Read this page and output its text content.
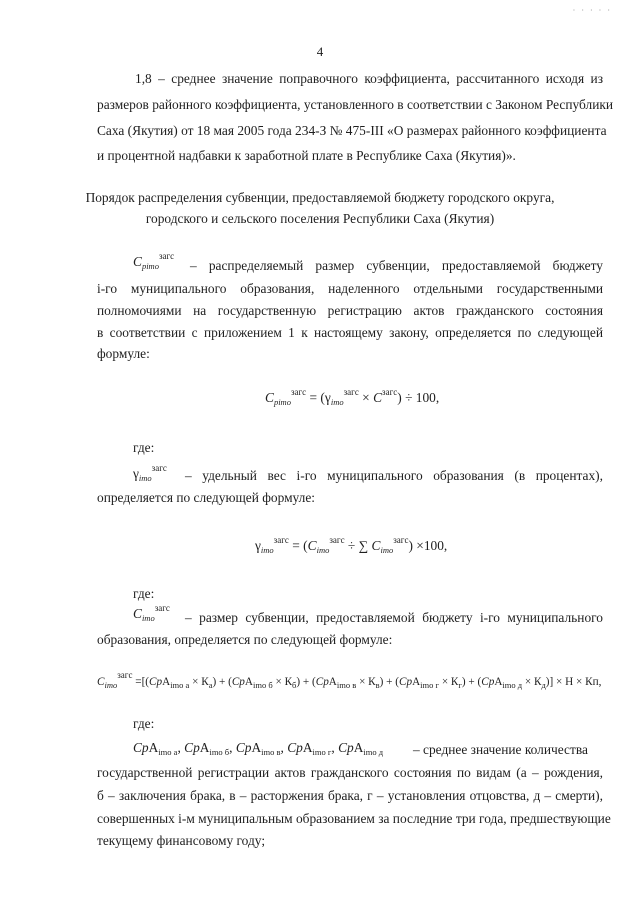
· · · · ·
4
1,8 – среднее значение поправочного коэффициента, рассчитанного исходя из
размеров районного коэффициента, установленного в соответствии с Законом Республики
Саха (Якутия) от 18 мая 2005 года 234-З № 475-III «О размерах районного коэффициента
и процентной надбавки к заработной плате в Республике Саха (Якутия)».
Порядок распределения субвенции, предоставляемой бюджету городского округа,
городского и сельского поселения Республики Саха (Якутия)
$C_{pimo}^{загс}$
– распределяемый размер субвенции, предоставляемой бюджету
i-го муниципального образования, наделенного отдельными государственными
полномочиями на государственную регистрацию актов гражданского состояния
в соответствии с приложением 1 к настоящему закону, определяется по следующей
формуле:
$C_{pimo}^{загс} = (\gamma_{imo}^{загс} \times C^{загс}) \div 100$,
где:
$\gamma_{imo}^{загс}$ – удельный вес i-го муниципального образования (в процентах),
определяется по следующей формуле:
$\gamma_{imo}^{загс} = (C_{imo}^{загс}$ ÷ ∑ $C_{imo}^{загс}) \times 100$,
где:
$C_{imo}^{загс}$
– размер субвенции, предоставляемой бюджету i-го муниципального
образования, определяется по следующей формуле:
$C_{imo}^{загс} =[(СрА_{imo а} \times К_а) + (СрА_{imo б} \times К_б) + (СрА_{imo в} \times К_в) + (СрА_{imo г} \times К_г) + (СрА_{imo д} \times К_д)] \times Н$ × Кп,
где:
СрА$_{imo а}$, СрА$_{imo б}$, СрА$_{imo в}$, СрА$_{imo г}$, СрА$_{imo д}$ – среднее значение количества
государственной регистрации актов гражданского состояния по видам (а – рождения,
б – заключения брака, в – расторжения брака, г – установления отцовства, д – смерти),
совершенных i-м муниципальным образованием за последние три года, предшествующие
текущему финансовому году;
